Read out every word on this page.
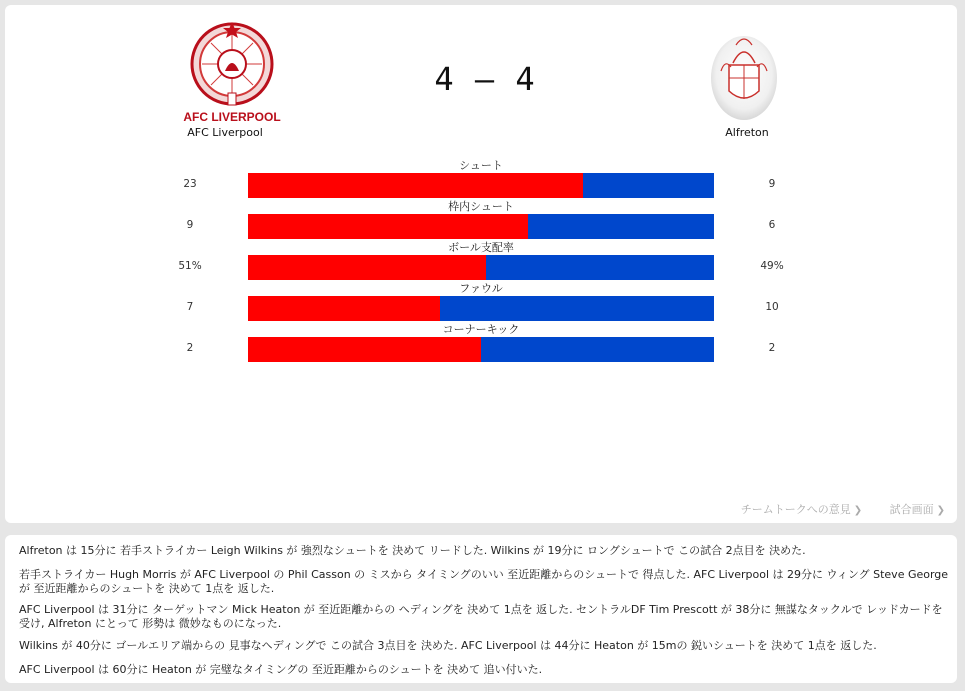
AFC LIVERPOOL
AFC Liverpool
4 – 4
Alfreton
シュート
23	9
枠内シュート
9	6
ボール支配率
51%	49%
ファウル
7	10
コーナーキック
2	2
チームトークへの意見 ❯	試合画面 ❯
Alfreton は 15分に 若手ストライカー Leigh Wilkins が 強烈なシュートを 決めて リードした. Wilkins が 19分に ロングシュートで この試合 2点目を 決めた.
若手ストライカー Hugh Morris が AFC Liverpool の Phil Casson の ミスから タイミングのいい 至近距離からのシュートで 得点した. AFC Liverpool は 29分に ウィング Steve George が 至近距離からのシュートを 決めて 1点を 返した.
AFC Liverpool は 31分に ターゲットマン Mick Heaton が 至近距離からの ヘディングを 決めて 1点を 返した. セントラルDF Tim Prescott が 38分に 無謀なタックルで レッドカードを 受け, Alfreton にとって 形勢は 微妙なものになった.
Wilkins が 40分に ゴールエリア端からの 見事なヘディングで この試合 3点目を 決めた. AFC Liverpool は 44分に Heaton が 15mの 鋭いシュートを 決めて 1点を 返した.
AFC Liverpool は 60分に Heaton が 完璧なタイミングの 至近距離からのシュートを 決めて 追い付いた.
